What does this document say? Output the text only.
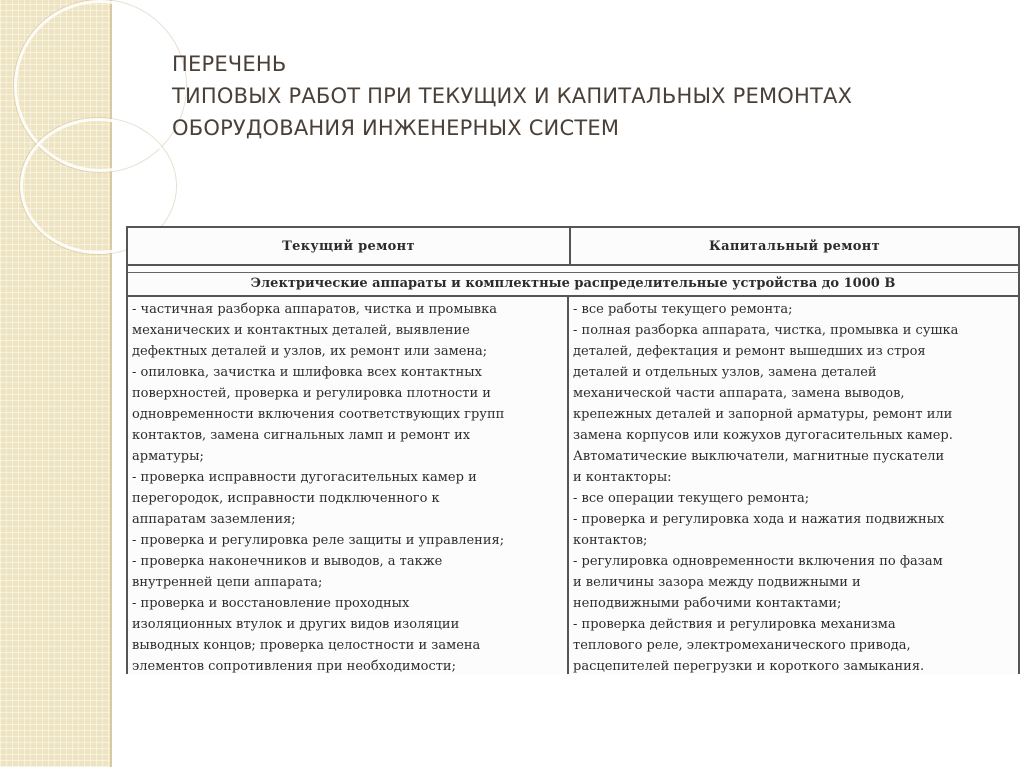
ПЕРЕЧЕНЬ
ТИПОВЫХ РАБОТ ПРИ ТЕКУЩИХ И КАПИТАЛЬНЫХ РЕМОНТАХ
ОБОРУДОВАНИЯ ИНЖЕНЕРНЫХ СИСТЕМ
Текущий ремонт	Капитальный ремонт
Электрические аппараты и комплектные распределительные устройства до 1000 В
- частичная разборка аппаратов, чистка и промывка
механических и контактных деталей, выявление
дефектных деталей и узлов, их ремонт или замена;
- опиловка, зачистка и шлифовка всех контактных
поверхностей, проверка и регулировка плотности и
одновременности включения соответствующих групп
контактов, замена сигнальных ламп и ремонт их
арматуры;
- проверка исправности дугогасительных камер и
перегородок, исправности подключенного к
аппаратам заземления;
- проверка и регулировка реле защиты и управления;
- проверка наконечников и выводов, а также
внутренней цепи аппарата;
- проверка и восстановление проходных
изоляционных втулок и других видов изоляции
выводных концов; проверка целостности и замена
элементов сопротивления при необходимости;
- все работы текущего ремонта;
- полная разборка аппарата, чистка, промывка и сушка
деталей, дефектация и ремонт вышедших из строя
деталей и отдельных узлов, замена деталей
механической части аппарата, замена выводов,
крепежных деталей и запорной арматуры, ремонт или
замена корпусов или кожухов дугогасительных камер.
Автоматические выключатели, магнитные пускатели
и контакторы:
- все операции текущего ремонта;
- проверка и регулировка хода и нажатия подвижных
контактов;
- регулировка одновременности включения по фазам
и величины зазора между подвижными и
неподвижными рабочими контактами;
- проверка действия и регулировка механизма
теплового реле, электромеханического привода,
расцепителей перегрузки и короткого замыкания.
